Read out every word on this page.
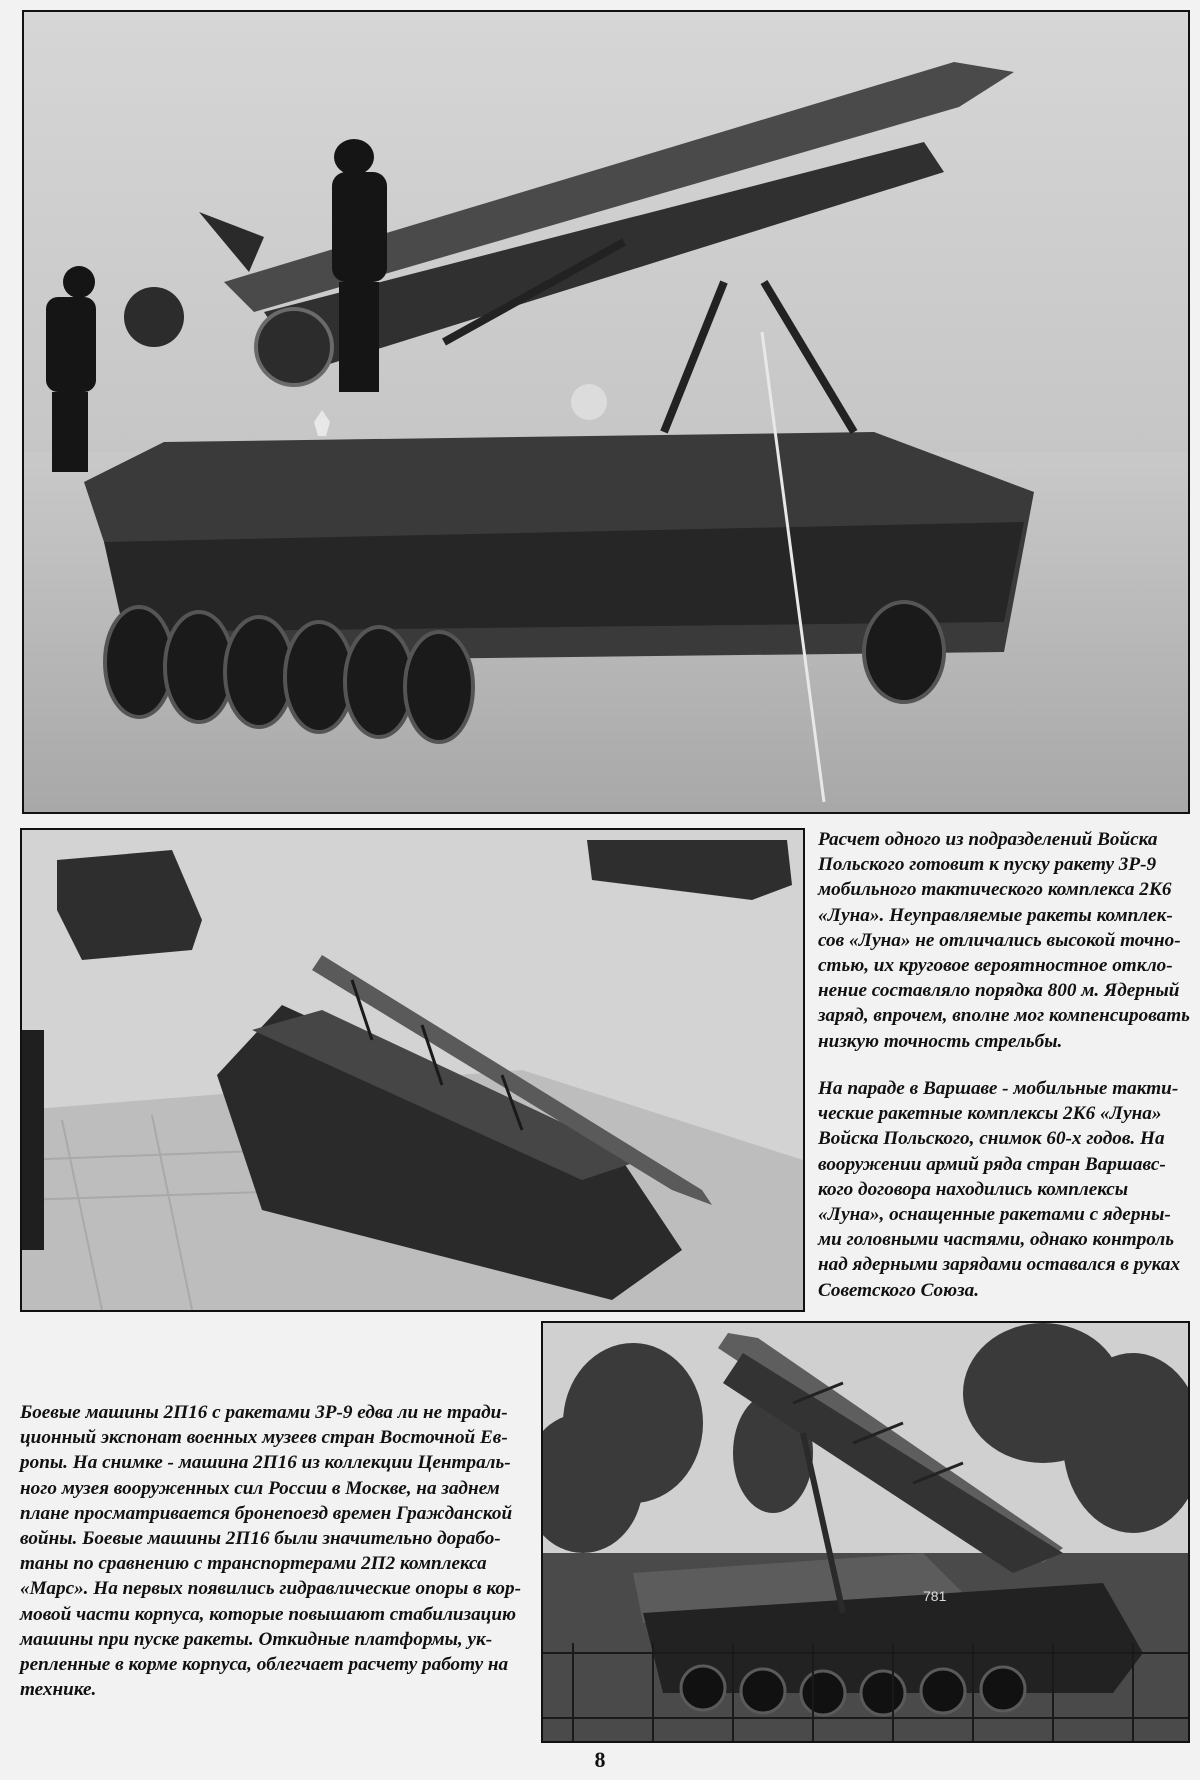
Расчет одного из подразделений Войска
Польского готовит к пуску ракету 3Р-9
мобильного тактического комплекса 2К6
«Луна». Неуправляемые ракеты комплек-
сов «Луна» не отличались высокой точно-
стью, их круговое вероятностное откло-
нение составляло порядка 800 м. Ядерный
заряд, впрочем, вполне мог компенсировать
низкую точность стрельбы.
На параде в Варшаве - мобильные такти-
ческие ракетные комплексы 2К6 «Луна»
Войска Польского, снимок 60-х годов. На
вооружении армий ряда стран Варшавс-
кого договора находились комплексы
«Луна», оснащенные ракетами с ядерны-
ми головными частями, однако контроль
над ядерными зарядами оставался в руках
Советского Союза.
781
Боевые машины 2П16 с ракетами 3Р-9 едва ли не тради-
ционный экспонат военных музеев стран Восточной Ев-
ропы. На снимке - машина 2П16 из коллекции Централь-
ного музея вооруженных сил России в Москве, на заднем
плане просматривается бронепоезд времен Гражданской
войны. Боевые машины 2П16 были значительно дорабо-
таны по сравнению с транспортерами 2П2 комплекса
«Марс». На первых появились гидравлические опоры в кор-
мовой части корпуса, которые повышают стабилизацию
машины при пуске ракеты. Откидные платформы, ук-
репленные в корме корпуса, облегчает расчету работу на
технике.
8
